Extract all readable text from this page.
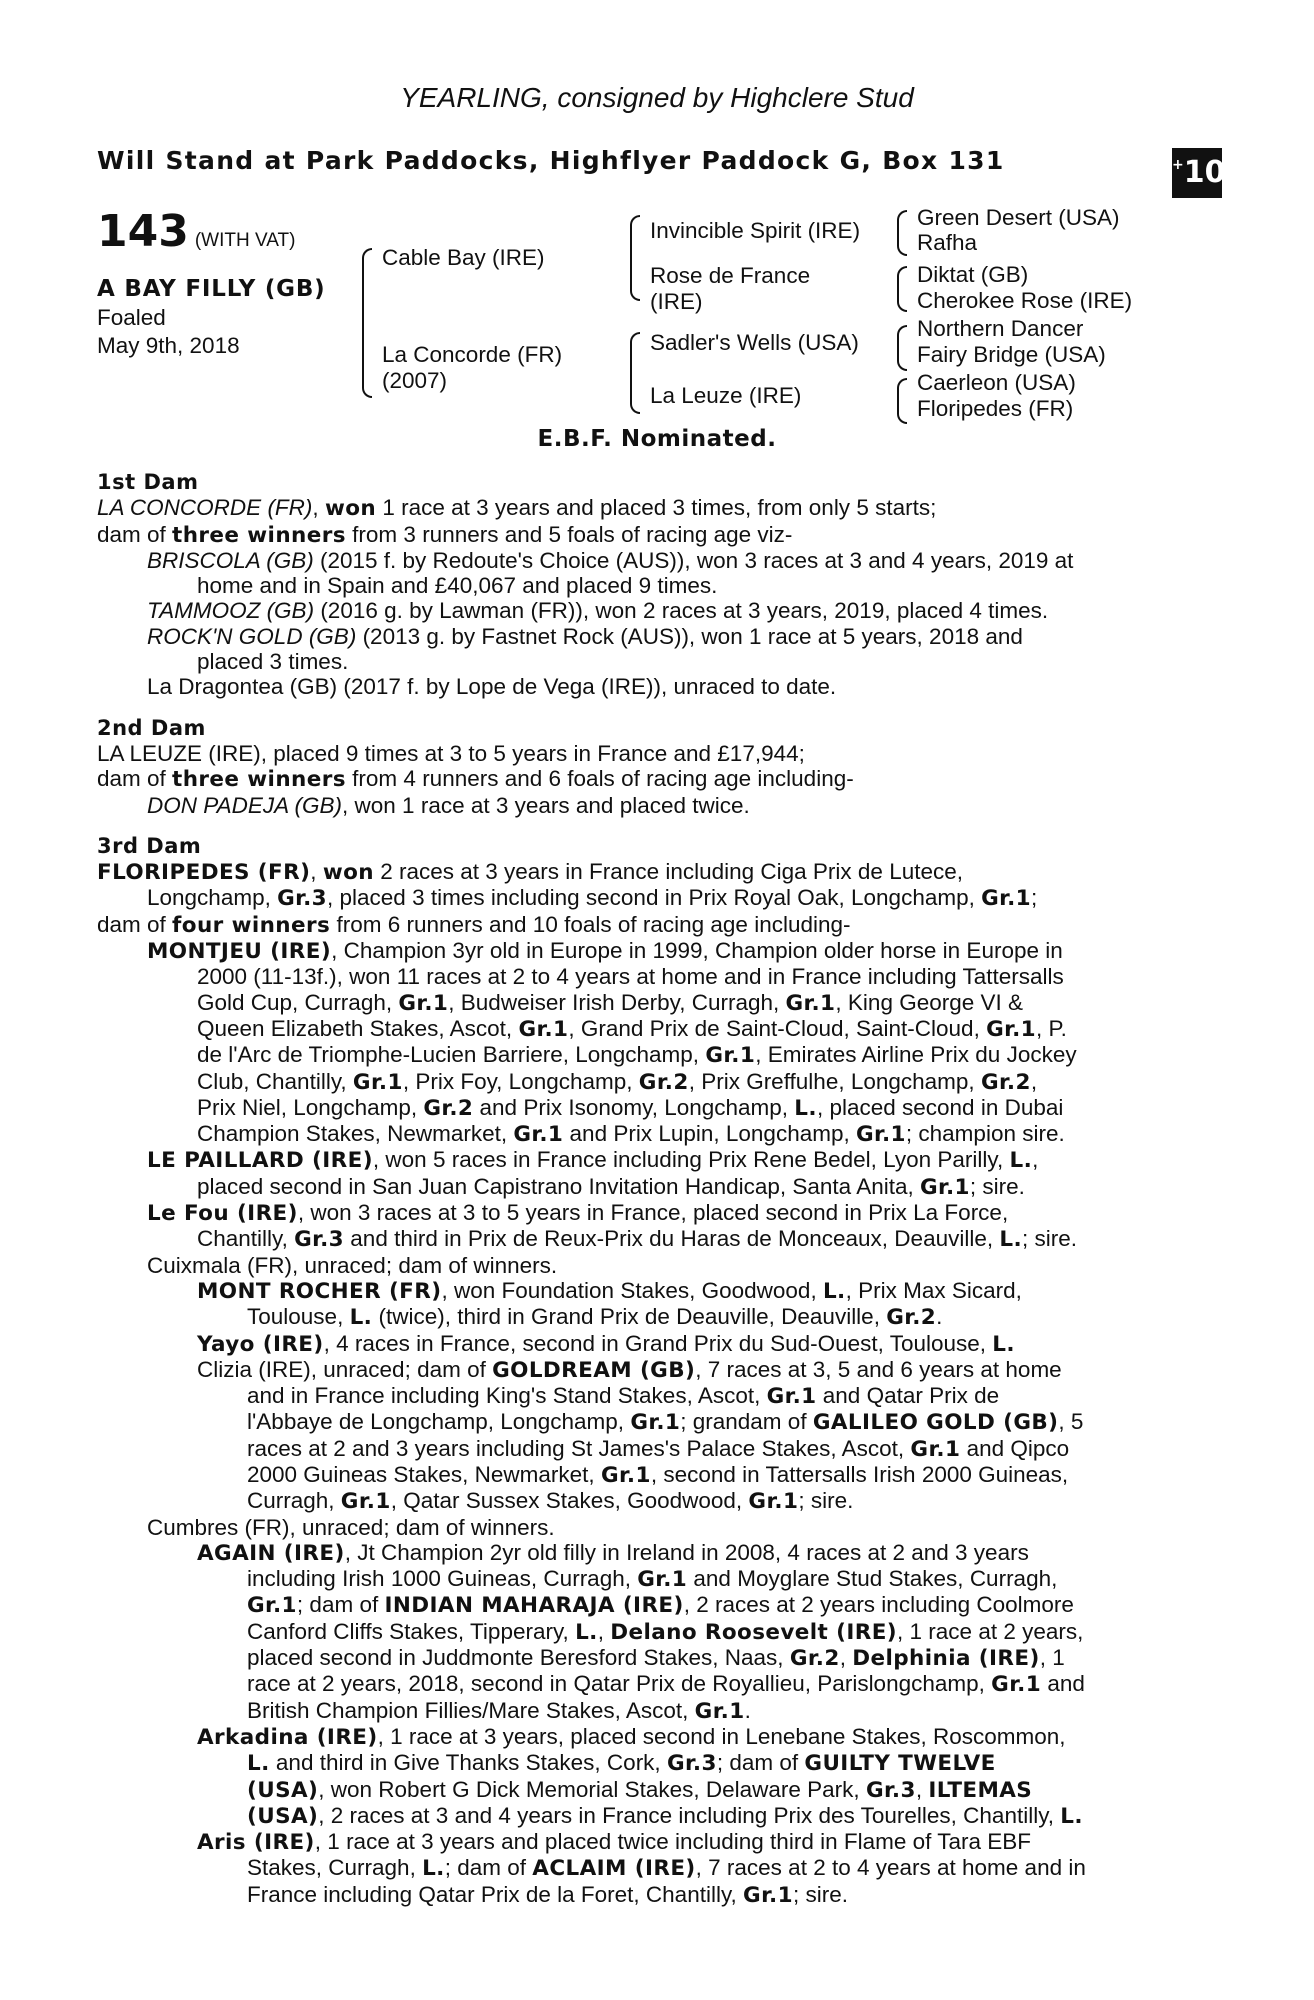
YEARLING, consigned by Highclere Stud
Will Stand at Park Paddocks, Highflyer Paddock G, Box 131	+10
143 (WITH VAT)
A BAY FILLY (GB)
Foaled
May 9th, 2018
Cable Bay (IRE)
La Concorde (FR)
(2007)
Invincible Spirit (IRE)
Rose de France
(IRE)
Sadler's Wells (USA)
La Leuze (IRE)
Green Desert (USA)
Rafha
Diktat (GB)
Cherokee Rose (IRE)
Northern Dancer
Fairy Bridge (USA)
Caerleon (USA)
Floripedes (FR)
E.B.F. Nominated.
1st Dam
LA CONCORDE (FR), won 1 race at 3 years and placed 3 times, from only 5 starts;
dam of three winners from 3 runners and 5 foals of racing age viz-
BRISCOLA (GB) (2015 f. by Redoute's Choice (AUS)), won 3 races at 3 and 4 years, 2019 at
home and in Spain and £40,067 and placed 9 times.
TAMMOOZ (GB) (2016 g. by Lawman (FR)), won 2 races at 3 years, 2019, placed 4 times.
ROCK'N GOLD (GB) (2013 g. by Fastnet Rock (AUS)), won 1 race at 5 years, 2018 and
placed 3 times.
La Dragontea (GB) (2017 f. by Lope de Vega (IRE)), unraced to date.
2nd Dam
LA LEUZE (IRE), placed 9 times at 3 to 5 years in France and £17,944;
dam of three winners from 4 runners and 6 foals of racing age including-
DON PADEJA (GB), won 1 race at 3 years and placed twice.
3rd Dam
FLORIPEDES (FR), won 2 races at 3 years in France including Ciga Prix de Lutece,
Longchamp, Gr.3, placed 3 times including second in Prix Royal Oak, Longchamp, Gr.1;
dam of four winners from 6 runners and 10 foals of racing age including-
MONTJEU (IRE), Champion 3yr old in Europe in 1999, Champion older horse in Europe in
2000 (11-13f.), won 11 races at 2 to 4 years at home and in France including Tattersalls
Gold Cup, Curragh, Gr.1, Budweiser Irish Derby, Curragh, Gr.1, King George VI &
Queen Elizabeth Stakes, Ascot, Gr.1, Grand Prix de Saint-Cloud, Saint-Cloud, Gr.1, P.
de l'Arc de Triomphe-Lucien Barriere, Longchamp, Gr.1, Emirates Airline Prix du Jockey
Club, Chantilly, Gr.1, Prix Foy, Longchamp, Gr.2, Prix Greffulhe, Longchamp, Gr.2,
Prix Niel, Longchamp, Gr.2 and Prix Isonomy, Longchamp, L., placed second in Dubai
Champion Stakes, Newmarket, Gr.1 and Prix Lupin, Longchamp, Gr.1; champion sire.
LE PAILLARD (IRE), won 5 races in France including Prix Rene Bedel, Lyon Parilly, L.,
placed second in San Juan Capistrano Invitation Handicap, Santa Anita, Gr.1; sire.
Le Fou (IRE), won 3 races at 3 to 5 years in France, placed second in Prix La Force,
Chantilly, Gr.3 and third in Prix de Reux-Prix du Haras de Monceaux, Deauville, L.; sire.
Cuixmala (FR), unraced; dam of winners.
MONT ROCHER (FR), won Foundation Stakes, Goodwood, L., Prix Max Sicard,
Toulouse, L. (twice), third in Grand Prix de Deauville, Deauville, Gr.2.
Yayo (IRE), 4 races in France, second in Grand Prix du Sud-Ouest, Toulouse, L.
Clizia (IRE), unraced; dam of GOLDREAM (GB), 7 races at 3, 5 and 6 years at home
and in France including King's Stand Stakes, Ascot, Gr.1 and Qatar Prix de
l'Abbaye de Longchamp, Longchamp, Gr.1; grandam of GALILEO GOLD (GB), 5
races at 2 and 3 years including St James's Palace Stakes, Ascot, Gr.1 and Qipco
2000 Guineas Stakes, Newmarket, Gr.1, second in Tattersalls Irish 2000 Guineas,
Curragh, Gr.1, Qatar Sussex Stakes, Goodwood, Gr.1; sire.
Cumbres (FR), unraced; dam of winners.
AGAIN (IRE), Jt Champion 2yr old filly in Ireland in 2008, 4 races at 2 and 3 years
including Irish 1000 Guineas, Curragh, Gr.1 and Moyglare Stud Stakes, Curragh,
Gr.1; dam of INDIAN MAHARAJA (IRE), 2 races at 2 years including Coolmore
Canford Cliffs Stakes, Tipperary, L., Delano Roosevelt (IRE), 1 race at 2 years,
placed second in Juddmonte Beresford Stakes, Naas, Gr.2, Delphinia (IRE), 1
race at 2 years, 2018, second in Qatar Prix de Royallieu, Parislongchamp, Gr.1 and
British Champion Fillies/Mare Stakes, Ascot, Gr.1.
Arkadina (IRE), 1 race at 3 years, placed second in Lenebane Stakes, Roscommon,
L. and third in Give Thanks Stakes, Cork, Gr.3; dam of GUILTY TWELVE
(USA), won Robert G Dick Memorial Stakes, Delaware Park, Gr.3, ILTEMAS
(USA), 2 races at 3 and 4 years in France including Prix des Tourelles, Chantilly, L.
Aris (IRE), 1 race at 3 years and placed twice including third in Flame of Tara EBF
Stakes, Curragh, L.; dam of ACLAIM (IRE), 7 races at 2 to 4 years at home and in
France including Qatar Prix de la Foret, Chantilly, Gr.1; sire.
